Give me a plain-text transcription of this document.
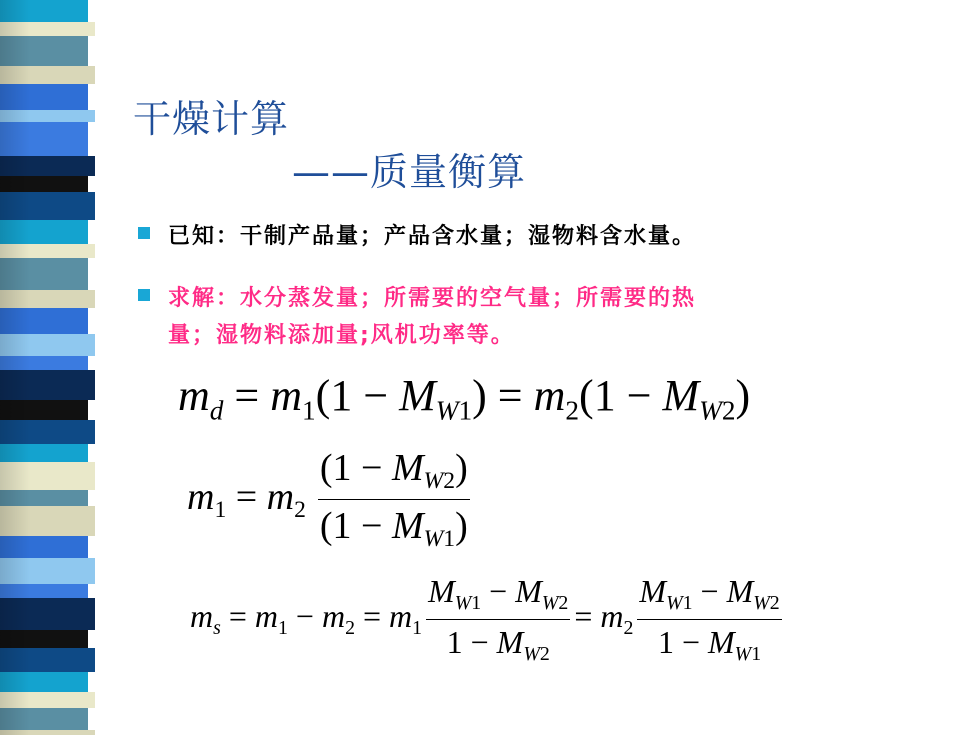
干燥计算
——质量衡算
已知：干制产品量；产品含水量；湿物料含水量。
求解：水分蒸发量；所需要的空气量；所需要的热
量；湿物料添加量;风机功率等。
$m_d = m_1(1 - M_{W1}) = m_2(1 - M_{W2})$
$m_1 = m_2 \frac{(1 - M_{W2})}{(1 - M_{W1})}$
$m_s = m_1 - m_2 = m_1 \frac{M_{W1} - M_{W2}}{1 - M_{W2}} = m_2 \frac{M_{W1} - M_{W2}}{1 - M_{W1}}$
